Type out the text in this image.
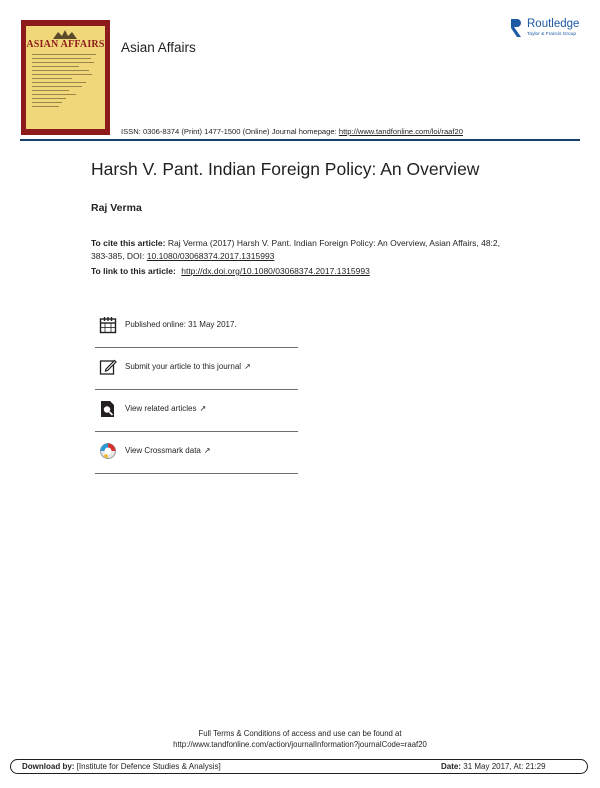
ASIAN AFFAIRS Asian Affairs
Routledge
Taylor & Francis Group
ISSN: 0306-8374 (Print) 1477-1500 (Online) Journal homepage: http://www.tandfonline.com/loi/raaf20
Harsh V. Pant. Indian Foreign Policy: An Overview
Raj Verma
To cite this article: Raj Verma (2017) Harsh V. Pant. Indian Foreign Policy: An Overview, Asian Affairs, 48:2, 383-385, DOI: 10.1080/03068374.2017.1315993
To link to this article: http://dx.doi.org/10.1080/03068374.2017.1315993
Published online: 31 May 2017.
Submit your article to this journal ↗
View related articles ↗
View Crossmark data ↗
Full Terms & Conditions of access and use can be found at
http://www.tandfonline.com/action/journalInformation?journalCode=raaf20
Download by: [Institute for Defence Studies & Analysis]	Date: 31 May 2017, At: 21:29
